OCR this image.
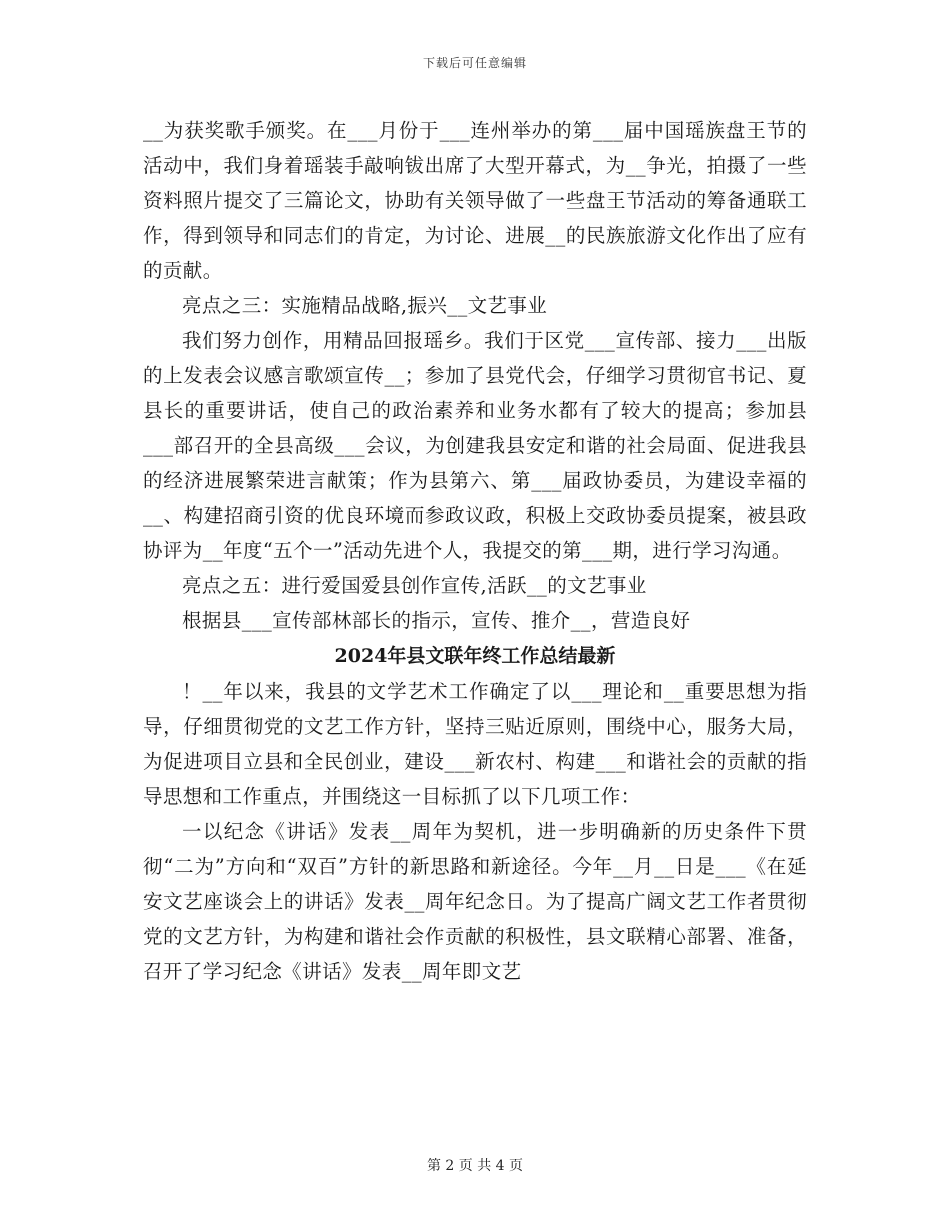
下载后可任意编辑

__为获奖歌手颁奖。在___月份于___连州举办的第___届中国瑶族盘王节的活动中，我们身着瑶装手敲响钹出席了大型开幕式，为__争光，拍摄了一些资料照片提交了三篇论文，协助有关领导做了一些盘王节活动的筹备通联工作，得到领导和同志们的肯定，为讨论、进展__的民族旅游文化作出了应有的贡献。

亮点之三：实施精品战略,振兴__文艺事业

我们努力创作，用精品回报瑶乡。我们于区党___宣传部、接力___出版的上发表会议感言歌颂宣传__；参加了县党代会，仔细学习贯彻官书记、夏县长的重要讲话，使自己的政治素养和业务水都有了较大的提高；参加县___部召开的全县高级___会议，为创建我县安定和谐的社会局面、促进我县的经济进展繁荣进言献策；作为县第六、第___届政协委员，为建设幸福的__、构建招商引资的优良环境而参政议政，积极上交政协委员提案，被县政协评为__年度“五个一”活动先进个人，我提交的第___期，进行学习沟通。

亮点之五：进行爱国爱县创作宣传,活跃__的文艺事业

根据县___宣传部林部长的指示，宣传、推介__，营造良好

2024年县文联年终工作总结最新

！__年以来，我县的文学艺术工作确定了以___理论和__重要思想为指导，仔细贯彻党的文艺工作方针，坚持三贴近原则，围绕中心，服务大局，为促进项目立县和全民创业，建设___新农村、构建___和谐社会的贡献的指导思想和工作重点，并围绕这一目标抓了以下几项工作：

一以纪念《讲话》发表__周年为契机，进一步明确新的历史条件下贯彻“二为”方向和“双百”方针的新思路和新途径。今年__月__日是___《在延安文艺座谈会上的讲话》发表__周年纪念日。为了提高广阔文艺工作者贯彻党的文艺方针，为构建和谐社会作贡献的积极性，县文联精心部署、准备，召开了学习纪念《讲话》发表__周年即文艺

第 2 页 共 4 页
